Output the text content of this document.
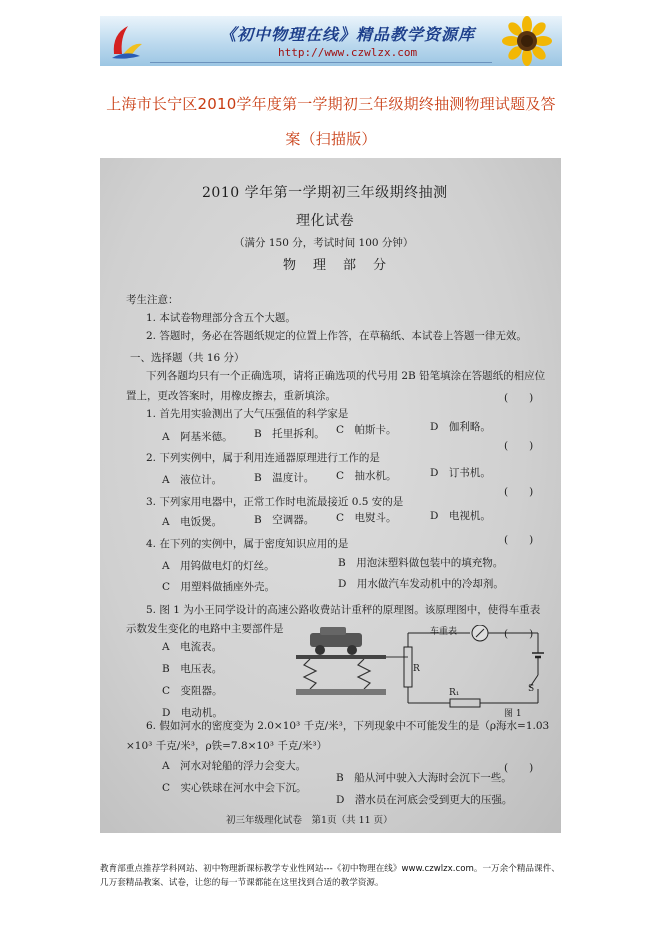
《初中物理在线》精品教学资源库
http://www.czwlzx.com
上海市长宁区2010学年度第一学期初三年级期终抽测物理试题及答案（扫描版）
2010 学年第一学期初三年级期终抽测
理化试卷
（满分 150 分，考试时间 100 分钟）
物　理　部　分
考生注意：
1. 本试卷物理部分含五个大题。
2. 答题时，务必在答题纸规定的位置上作答，在草稿纸、本试卷上答题一律无效。
一、选择题（共 16 分）
下列各题均只有一个正确选项，请将正确选项的代号用 2B 铅笔填涂在答题纸的相应位
置上，更改答案时，用橡皮擦去，重新填涂。	(　　)
1. 首先用实验测出了大气压强值的科学家是
A　阿基米德。 B　托里拆利。 C　帕斯卡。	D　伽利略。
(　　)
2. 下列实例中，属于利用连通器原理进行工作的是
A　液位计。	B　温度计。 C　抽水机。	D　订书机。
(　　)
3. 下列家用电器中，正常工作时电流最接近 0.5 安的是
A　电饭煲。	B　空调器。 C　电熨斗。	D　电视机。
(　　)
4. 在下列的实例中，属于密度知识应用的是
A　用钨做电灯的灯丝。	B　用泡沫塑料做包装中的填充物。
C　用塑料做插座外壳。	D　用水做汽车发动机中的冷却剂。
5. 图 1 为小王同学设计的高速公路收费站计重秤的原理图。该原理图中，使得车重表
示数发生变化的电路中主要部件是	(　　)
A　电流表。
B　电压表。
C　变阻器。
D　电动机。
车重表
R
R₁	S
图 1
6. 假如河水的密度变为 2.0×10³ 千克/米³，下列现象中不可能发生的是（ρ海水=1.03
×10³ 千克/米³，ρ铁=7.8×10³ 千克/米³）
A　河水对轮船的浮力会变大。	(　　)
B　船从河中驶入大海时会沉下一些。
C　实心铁球在河水中会下沉。
D　潜水员在河底会受到更大的压强。
初三年级理化试卷　第1页（共 11 页）
教育部重点推荐学科网站、初中物理新课标教学专业性网站---《初中物理在线》www.czwlzx.com。一万余个精品课件、几万套精品教案、试卷，让您的每一节课都能在这里找到合适的教学资源。
